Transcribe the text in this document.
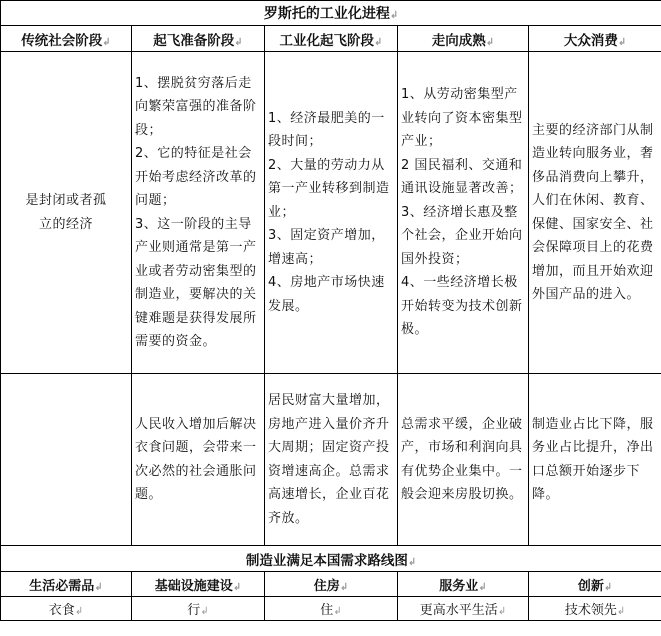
罗斯托的工业化进程↲				
传统社会阶段↲	起飞准备阶段↲	工业化起飞阶段↲	走向成熟↲	大众消费↲

是封闭或者孤立的经济	1、摆脱贫穷落后走向繁荣富强的准备阶段；
2、它的特征是社会开始考虑经济改革的问题；
3、这一阶段的主导产业则通常是第一产业或者劳动密集型的制造业，要解决的关键难题是获得发展所需要的资金。	1、经济最肥美的一段时间；
2、大量的劳动力从第一产业转移到制造业；
3、固定资产增加，增速高；
4、房地产市场快速发展。	1、从劳动密集型产业转向了资本密集型产业；
2 国民福利、交通和通讯设施显著改善；
3、经济增长惠及整个社会，企业开始向国外投资；
4、一些经济增长极开始转变为技术创新极。	主要的经济部门从制造业转向服务业，奢侈品消费向上攀升，人们在休闲、教育、保健、国家安全、社会保障项目上的花费增加，而且开始欢迎外国产品的进入。

	人民收入增加后解决衣食问题，会带来一次必然的社会通胀问题。	居民财富大量增加，房地产进入量价齐升大周期；固定资产投资增速高企。总需求高速增长，企业百花齐放。	总需求平缓，企业破产，市场和利润向具有优势企业集中。一般会迎来房股切换。	制造业占比下降，服务业占比提升，净出口总额开始逐步下降。

制造业满足本国需求路线图↲				
生活必需品↲	基础设施建设↲	住房↲	服务业↲	创新↲
衣食↲	行↲	住↲	更高水平生活↲	技术领先↲
